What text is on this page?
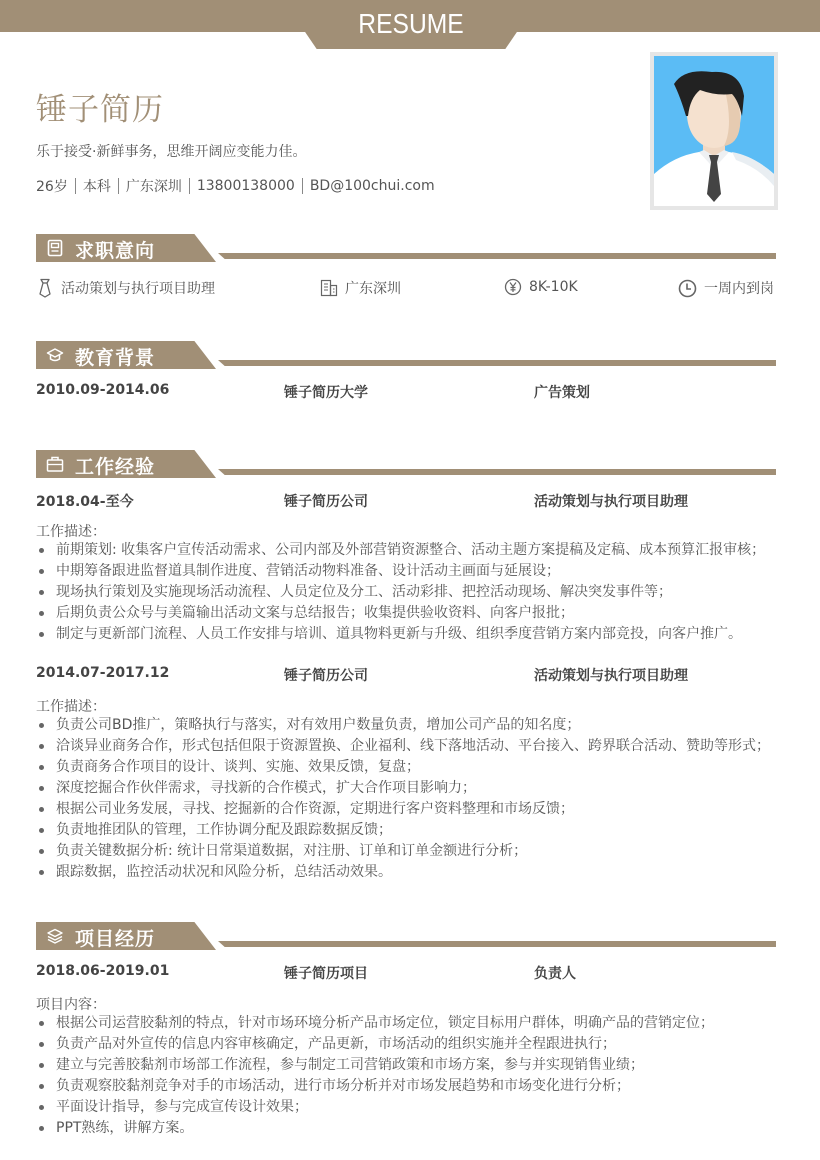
RESUME
锤子简历
乐于接受·新鲜事务，思维开阔应变能力佳。
26岁 本科 广东深圳 13800138000 BD@100chui.com
求职意向
活动策划与执行项目助理	广东深圳	8K-10K	一周内到岗
教育背景
2010.09-2014.06	锤子简历大学	广告策划
工作经验
2018.04-至今	锤子简历公司	活动策划与执行项目助理
工作描述：
前期策划: 收集客户宣传活动需求、公司内部及外部营销资源整合、活动主题方案提稿及定稿、成本预算汇报审核；
中期筹备跟进监督道具制作进度、营销活动物料准备、设计活动主画面与延展设；
现场执行策划及实施现场活动流程、人员定位及分工、活动彩排、把控活动现场、解决突发事件等；
后期负责公众号与美篇输出活动文案与总结报告；收集提供验收资料、向客户报批；
制定与更新部门流程、人员工作安排与培训、道具物料更新与升级、组织季度营销方案内部竞投，向客户推广。
2014.07-2017.12	锤子简历公司	活动策划与执行项目助理
工作描述：
负责公司BD推广，策略执行与落实，对有效用户数量负责，增加公司产品的知名度；
洽谈异业商务合作，形式包括但限于资源置换、企业福利、线下落地活动、平台接入、跨界联合活动、赞助等形式；
负责商务合作项目的设计、谈判、实施、效果反馈，复盘；
深度挖掘合作伙伴需求，寻找新的合作模式，扩大合作项目影响力；
根据公司业务发展，寻找、挖掘新的合作资源，定期进行客户资料整理和市场反馈；
负责地推团队的管理，工作协调分配及跟踪数据反馈；
负责关键数据分析: 统计日常渠道数据，对注册、订单和订单金额进行分析；
跟踪数据，监控活动状况和风险分析，总结活动效果。
项目经历
2018.06-2019.01	锤子简历项目	负责人
项目内容：
根据公司运营胶黏剂的特点，针对市场环境分析产品市场定位，锁定目标用户群体，明确产品的营销定位；
负责产品对外宣传的信息内容审核确定，产品更新，市场活动的组织实施并全程跟进执行；
建立与完善胶黏剂市场部工作流程，参与制定工司营销政策和市场方案，参与并实现销售业绩；
负责观察胶黏剂竞争对手的市场活动，进行市场分析并对市场发展趋势和市场变化进行分析；
平面设计指导，参与完成宣传设计效果；
PPT熟练，讲解方案。
